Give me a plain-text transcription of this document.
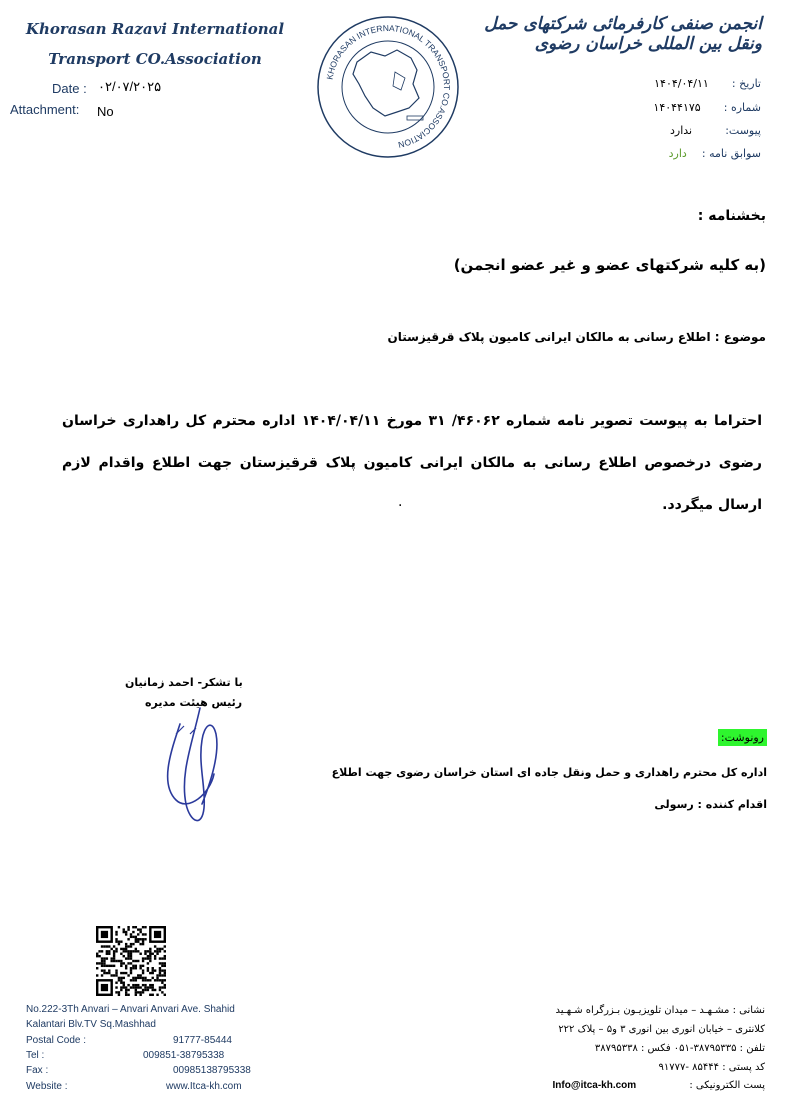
Khorasan Razavi International
Transport CO.Association
Date : ۰۲/۰۷/۲۰۲۵
Attachment: No
KHORASAN INTERNATIONAL TRANSPORT CO.ASSOCIATION
انجمن صنفی کارفرمائی شرکتهای حمل ونقل بین المللی خراسان رضوی
تاریخ : ۱۴۰۴/۰۴/۱۱
شماره : ۱۴۰۴۴۱۷۵
پیوست: ندارد
سوابق نامه : دارد
بخشنامه :
(به کلیه شرکتهای عضو و غیر عضو انجمن)
موضوع : اطلاع رسانی به مالکان ایرانی کامیون پلاک قرقیزستان
احتراما به پیوست تصویر نامه شماره ۴۶۰۶۲/ ۳۱ مورخ ۱۴۰۴/۰۴/۱۱ اداره محترم کل راهداری خراسان رضوی درخصوص اطلاع رسانی به مالکان ایرانی کامیون پلاک قرقیزستان جهت اطلاع واقدام لازم ارسال میگردد.
.
با تشکر- احمد زمانیان
رئیس هیئت مدیره
رونوشت:
اداره کل محترم راهداری و حمل ونقل جاده ای استان خراسان رضوی جهت اطلاع
اقدام کننده : رسولی
No.222-3Th Anvari – Anvari Anvari Ave. Shahid
Kalantari Blv.TV Sq.Mashhad
Postal Code :	91777-85444
Tel :	009851-38795338
Fax :	00985138795338
Website :	www.Itca-kh.com
نشانی : مشـهـد – میدان تلویزیـون بـزرگراه شـهـید
کلانتری – خیابان انوری بین انوری ۳ و۵ – پلاک ۲۲۲
تلفن : ۳۸۷۹۵۳۳۵-۰۵۱ فکس : ۳۸۷۹۵۳۳۸
کد پستی : ۸۵۴۴۴ -۹۱۷۷۷
پست الکترونیکی : Info@itca-kh.com
